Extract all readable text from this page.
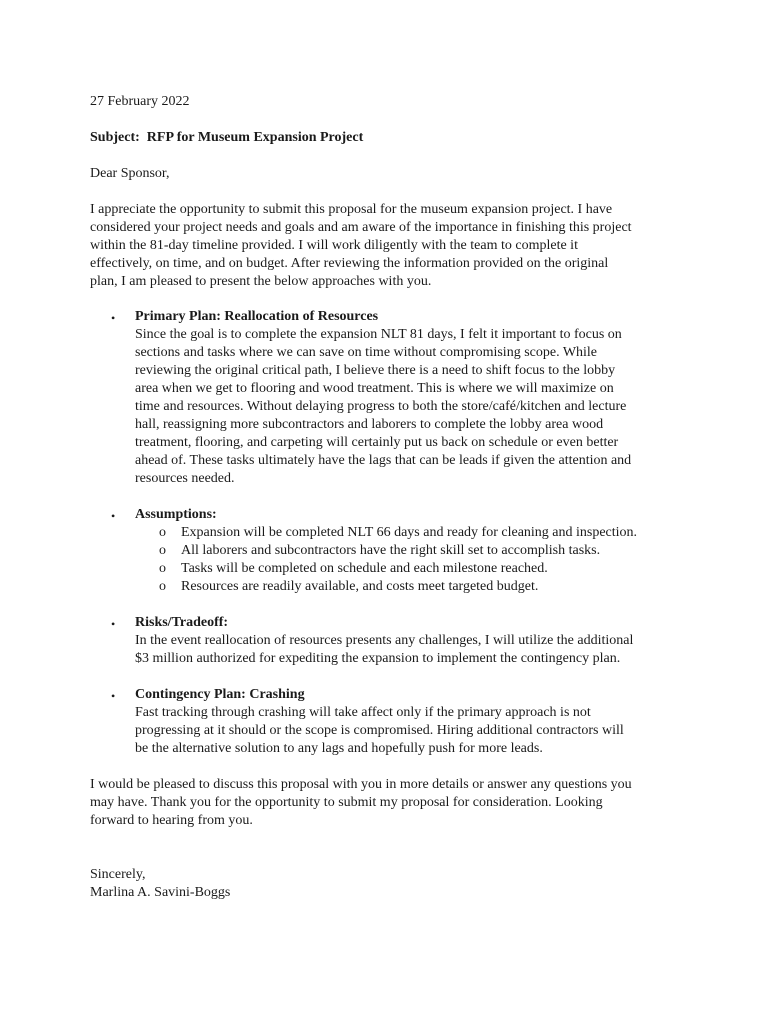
27 February 2022
Subject: RFP for Museum Expansion Project
Dear Sponsor,
I appreciate the opportunity to submit this proposal for the museum expansion project. I have
considered your project needs and goals and am aware of the importance in finishing this project
within the 81-day timeline provided. I will work diligently with the team to complete it
effectively, on time, and on budget. After reviewing the information provided on the original
plan, I am pleased to present the below approaches with you.
• Primary Plan: Reallocation of Resources
Since the goal is to complete the expansion NLT 81 days, I felt it important to focus on
sections and tasks where we can save on time without compromising scope. While
reviewing the original critical path, I believe there is a need to shift focus to the lobby
area when we get to flooring and wood treatment. This is where we will maximize on
time and resources. Without delaying progress to both the store/café/kitchen and lecture
hall, reassigning more subcontractors and laborers to complete the lobby area wood
treatment, flooring, and carpeting will certainly put us back on schedule or even better
ahead of. These tasks ultimately have the lags that can be leads if given the attention and
resources needed.
• Assumptions:
o Expansion will be completed NLT 66 days and ready for cleaning and inspection.
o All laborers and subcontractors have the right skill set to accomplish tasks.
o Tasks will be completed on schedule and each milestone reached.
o Resources are readily available, and costs meet targeted budget.
• Risks/Tradeoff:
In the event reallocation of resources presents any challenges, I will utilize the additional
$3 million authorized for expediting the expansion to implement the contingency plan.
• Contingency Plan: Crashing
Fast tracking through crashing will take affect only if the primary approach is not
progressing at it should or the scope is compromised. Hiring additional contractors will
be the alternative solution to any lags and hopefully push for more leads.
I would be pleased to discuss this proposal with you in more details or answer any questions you
may have. Thank you for the opportunity to submit my proposal for consideration. Looking
forward to hearing from you.
Sincerely,
Marlina A. Savini-Boggs
